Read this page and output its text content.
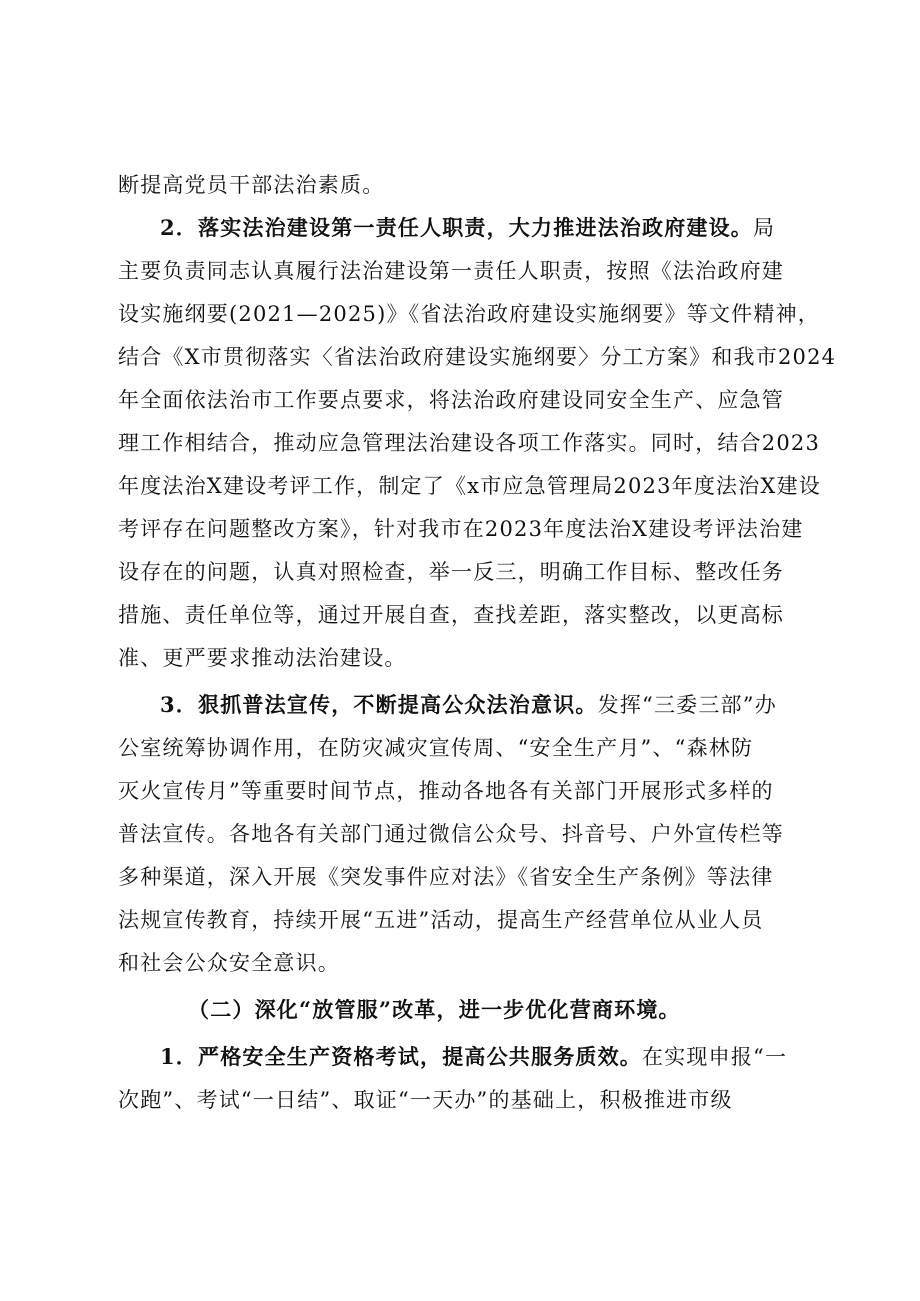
断提高党员干部法治素质。
2．落实法治建设第一责任人职责，大力推进法治政府建设。局
主要负责同志认真履行法治建设第一责任人职责，按照《法治政府建
设实施纲要(2021—2025)》《省法治政府建设实施纲要》等文件精神，
结合《X市贯彻落实〈省法治政府建设实施纲要〉分工方案》和我市2024
年全面依法治市工作要点要求，将法治政府建设同安全生产、应急管
理工作相结合，推动应急管理法治建设各项工作落实。同时，结合2023
年度法治X建设考评工作，制定了《x市应急管理局2023年度法治X建设
考评存在问题整改方案》，针对我市在2023年度法治X建设考评法治建
设存在的问题，认真对照检查，举一反三，明确工作目标、整改任务
措施、责任单位等，通过开展自查，查找差距，落实整改，以更高标
准、更严要求推动法治建设。
3．狠抓普法宣传，不断提高公众法治意识。发挥“三委三部”办
公室统筹协调作用，在防灾减灾宣传周、“安全生产月”、“森林防
灭火宣传月”等重要时间节点，推动各地各有关部门开展形式多样的
普法宣传。各地各有关部门通过微信公众号、抖音号、户外宣传栏等
多种渠道，深入开展《突发事件应对法》《省安全生产条例》等法律
法规宣传教育，持续开展“五进”活动，提高生产经营单位从业人员
和社会公众安全意识。
（二）深化“放管服”改革，进一步优化营商环境。
1．严格安全生产资格考试，提高公共服务质效。在实现申报“一
次跑”、考试“一日结”、取证“一天办”的基础上，积极推进市级
